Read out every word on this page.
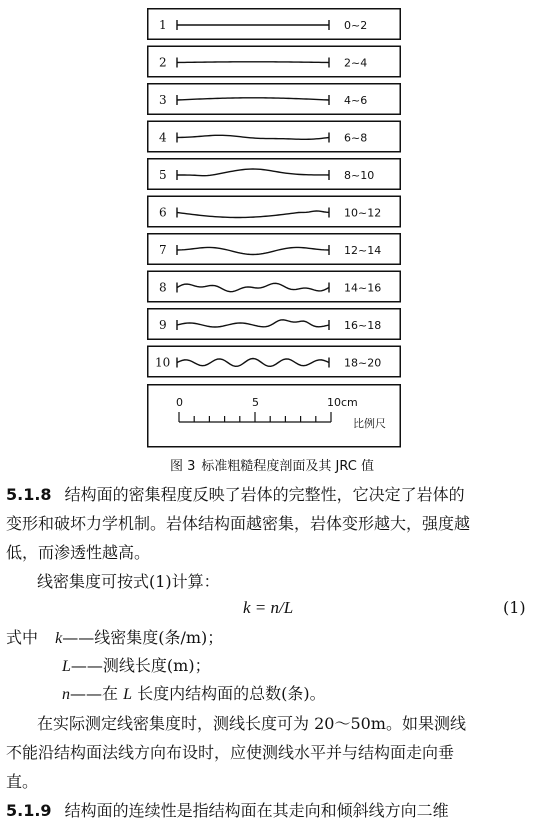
1	0~2
2	2~4
3	4~6
4	6~8
5	8~10
6	10~12
7	12~14
8	14~16
9	16~18
10	18~20
0	5	10cm
比例尺
图 3 标准粗糙程度剖面及其 JRC 值
5.1.8 结构面的密集程度反映了岩体的完整性，它决定了岩体的
变形和破坏力学机制。岩体结构面越密集，岩体变形越大，强度越
低，而渗透性越高。
线密集度可按式(1)计算：
k = n/L	(1)
式中 k——线密集度(条/m)；
L——测线长度(m)；
n——在 L 长度内结构面的总数(条)。
在实际测定线密集度时，测线长度可为 20～50m。如果测线
不能沿结构面法线方向布设时，应使测线水平并与结构面走向垂
直。
5.1.9 结构面的连续性是指结构面在其走向和倾斜线方向二维
